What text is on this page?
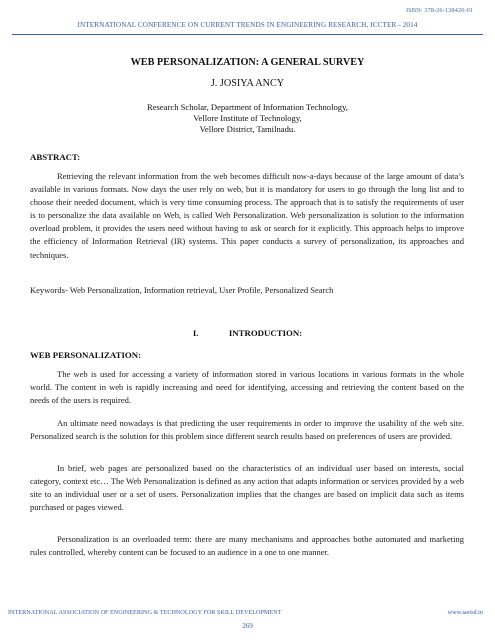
ISBN: 378-26-138420-01
INTERNATIONAL CONFERENCE ON CURRENT TRENDS IN ENGINEERING RESEARCH, ICCTER - 2014
WEB PERSONALIZATION: A GENERAL SURVEY
J. JOSIYA ANCY
Research Scholar, Department of Information Technology,
Vellore Institute of Technology,
Vellore District, Tamilnadu.
ABSTRACT:
Retrieving the relevant information from the web becomes difficult now-a-days because of the large amount of data’s available in various formats. Now days the user rely on web, but it is mandatory for users to go through the long list and to choose their needed document, which is very time consuming process. The approach that is to satisfy the requirements of user is to personalize the data available on Web, is called Web Personalization. Web personalization is solution to the information overload problem, it provides the users need without having to ask or search for it explicitly. This approach helps to improve the efficiency of Information Retrieval (IR) systems. This paper conducts a survey of personalization, its approaches and techniques.
Keywords- Web Personalization, Information retrieval, User Profile, Personalized Search
I.	INTRODUCTION:
WEB PERSONALIZATION:
The web is used for accessing a variety of information stored in various locations in various formats in the whole world. The content in web is rapidly increasing and need for identifying, accessing and retrieving the content based on the needs of the users is required.
An ultimate need nowadays is that predicting the user requirements in order to improve the usability of the web site. Personalized search is the solution for this problem since different search results based on preferences of users are provided.
In brief, web pages are personalized based on the characteristics of an individual user based on interests, social category, context etc… The Web Personalization is defined as any action that adapts information or services provided by a web site to an individual user or a set of users. Personalization implies that the changes are based on implicit data such as items purchased or pages viewed.
Personalization is an overloaded term: there are many mechanisms and approaches bothe automated and marketing rules controlled, whereby content can be focused to an audience in a one to one manner.
INTERNATIONAL ASSOCIATION OF ENGINEERING & TECHNOLOGY FOR SKILL DEVELOPMENT	www.iaetsd.in
269
